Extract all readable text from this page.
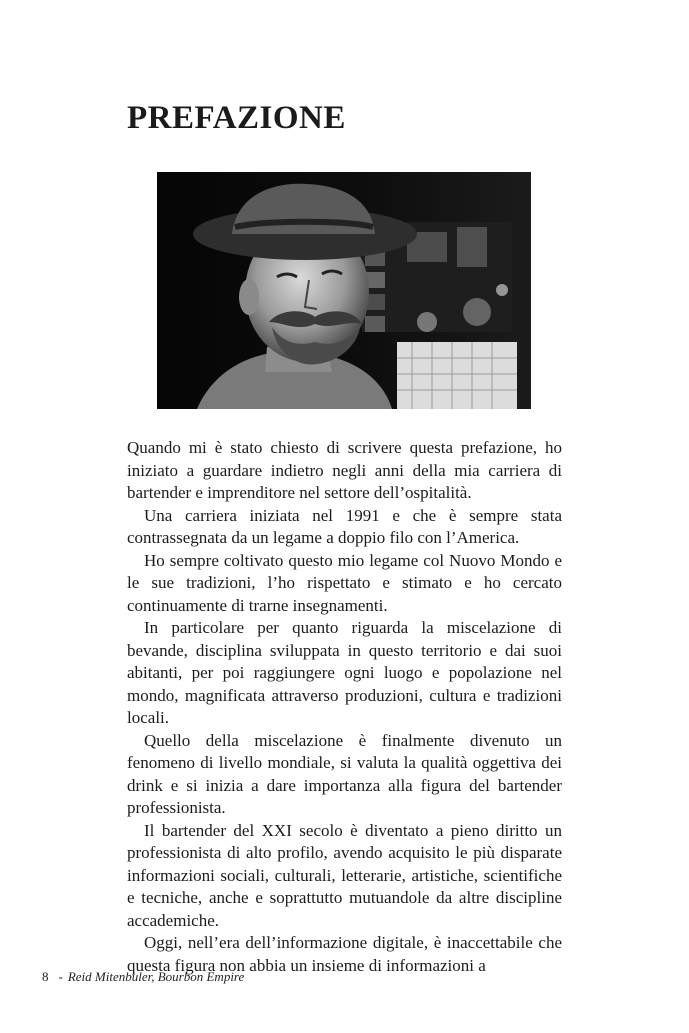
PREFAZIONE

Quando mi è stato chiesto di scrivere questa prefazione, ho iniziato a guardare indietro negli anni della mia carriera di bartender e imprenditore nel settore dell’ospitalità.

Una carriera iniziata nel 1991 e che è sempre stata contrassegnata da un legame a doppio filo con l’America.

Ho sempre coltivato questo mio legame col Nuovo Mondo e le sue tradizioni, l’ho rispettato e stimato e ho cercato continuamente di trarne insegnamenti.

In particolare per quanto riguarda la miscelazione di bevande, disciplina sviluppata in questo territorio e dai suoi abitanti, per poi raggiungere ogni luogo e popolazione nel mondo, magnificata attraverso produzioni, cultura e tradizioni locali.

Quello della miscelazione è finalmente divenuto un fenomeno di livello mondiale, si valuta la qualità oggettiva dei drink e si inizia a dare importanza alla figura del bartender professionista.

Il bartender del XXI secolo è diventato a pieno diritto un professionista di alto profilo, avendo acquisito le più disparate informazioni sociali, culturali, letterarie, artistiche, scientifiche e tecniche, anche e soprattutto mutuandole da altre discipline accademiche.

Oggi, nell’era dell’informazione digitale, è inaccettabile che questa figura non abbia un insieme di informazioni a

8 - Reid Mitenbuler, Bourbon Empire
